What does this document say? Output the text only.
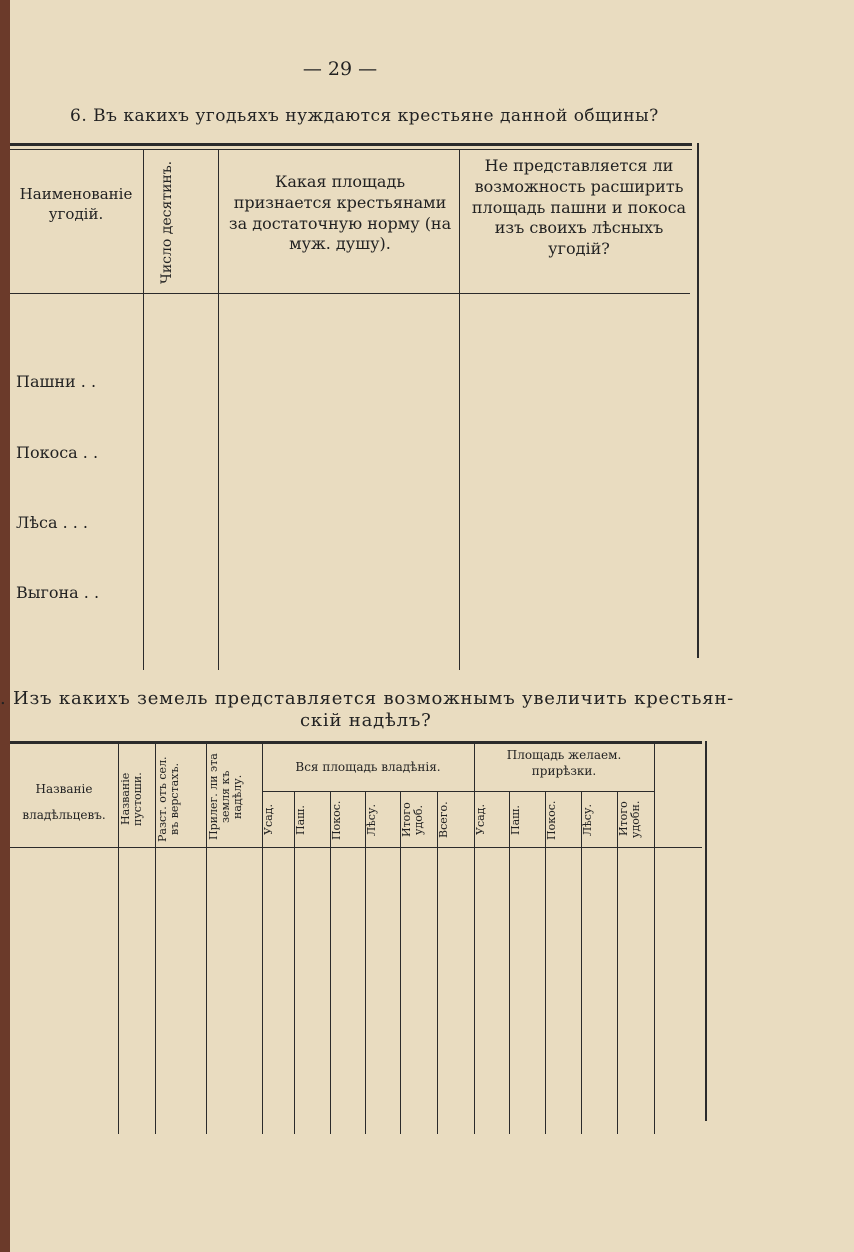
— 29 —
6. Въ какихъ угодьяхъ нуждаются крестьяне данной общины?
Наименованіе угодій.	Число десятинъ.	Какая площадь признается крестьянами за достаточную норму (на муж. душу).
Не представляется ли возможность расширить площадь пашни и покоса изъ своихъ лѣсныхъ угодій?
Пашни . .
Покоса . .
Лѣса . . .
Выгона . .
. Изъ какихъ земель представляется возможнымъ увеличить крестьян-
скій надѣлъ?
Названіе владѣльцевъ.	Названіе пустоши.	Разст. отъ сел. въ верстахъ.	Прилег. ли эта земля къ надѣлу.
Вся площадь владѣнія.
Площадь желаем. прирѣзки.
Усад.	Паш.	Покос.	Лѣсу.	Итого удоб.	Всего.	Усад.	Паш.	Покос.	Лѣсу.	Итого удобн.
